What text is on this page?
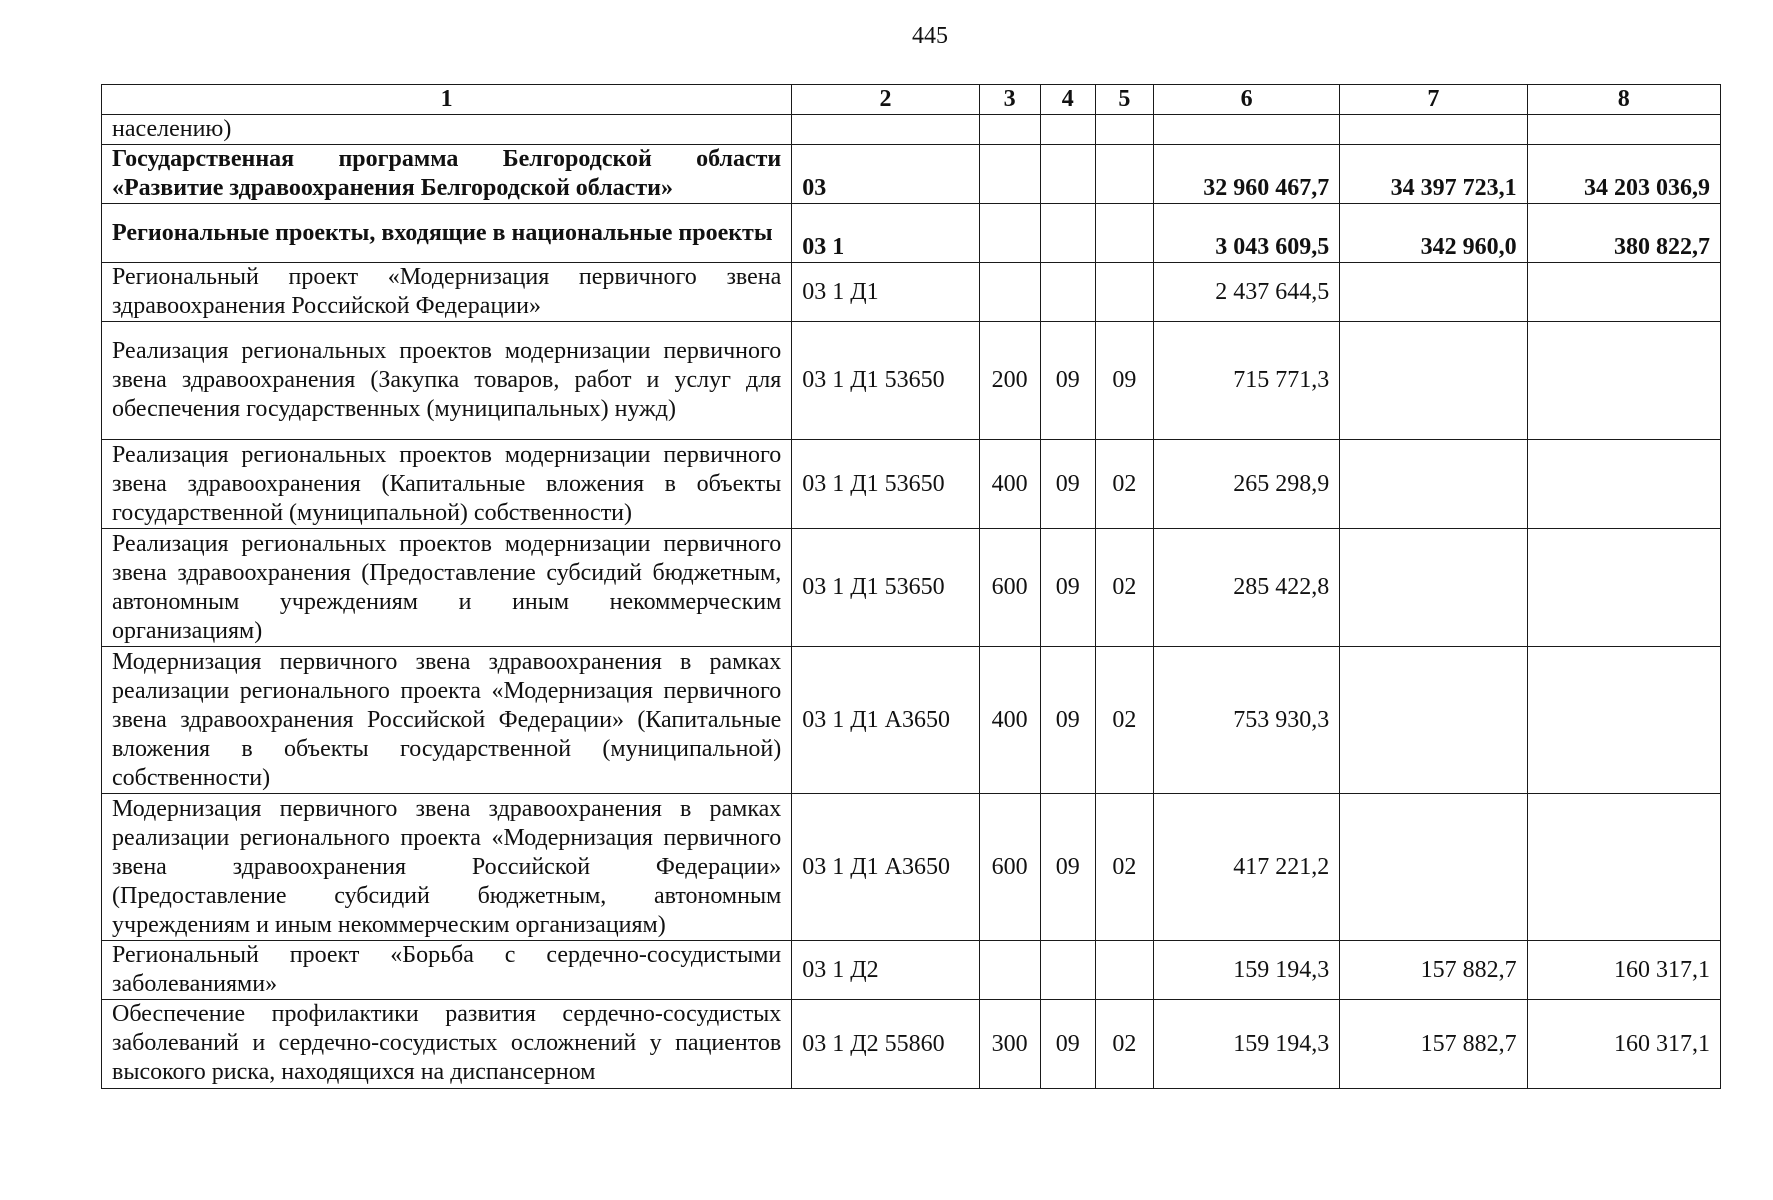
445
1	2	3	4	5	6	7	8
населению)							
Государственная программа Белгородской области «Развитие здравоохранения Белгородской области»	03				32 960 467,7	34 397 723,1	34 203 036,9
Региональные проекты, входящие в национальные проекты	03 1				3 043 609,5	342 960,0	380 822,7
Региональный проект «Модернизация первичного звена здравоохранения Российской Федерации»	03 1 Д1				2 437 644,5		
Реализация региональных проектов модернизации первичного звена здравоохранения (Закупка товаров, работ и услуг для обеспечения государственных (муниципальных) нужд)	03 1 Д1 53650	200	09	09	715 771,3		
Реализация региональных проектов модернизации первичного звена здравоохранения (Капитальные вложения в объекты государственной (муниципальной) собственности)	03 1 Д1 53650	400	09	02	265 298,9		
Реализация региональных проектов модернизации первичного звена здравоохранения (Предоставление субсидий бюджетным, автономным учреждениям и иным некоммерческим организациям)	03 1 Д1 53650	600	09	02	285 422,8		
Модернизация первичного звена здравоохранения в рамках реализации регионального проекта «Модернизация первичного звена здравоохранения Российской Федерации» (Капитальные вложения в объекты государственной (муниципальной) собственности)	03 1 Д1 А3650	400	09	02	753 930,3		
Модернизация первичного звена здравоохранения в рамках реализации регионального проекта «Модернизация первичного звена здравоохранения Российской Федерации» (Предоставление субсидий бюджетным, автономным учреждениям и иным некоммерческим организациям)	03 1 Д1 А3650	600	09	02	417 221,2		
Региональный проект «Борьба с сердечно-сосудистыми заболеваниями»	03 1 Д2				159 194,3	157 882,7	160 317,1
Обеспечение профилактики развития сердечно-сосудистых заболеваний и сердечно-сосудистых осложнений у пациентов высокого риска, находящихся на диспансерном	03 1 Д2 55860	300	09	02	159 194,3	157 882,7	160 317,1
